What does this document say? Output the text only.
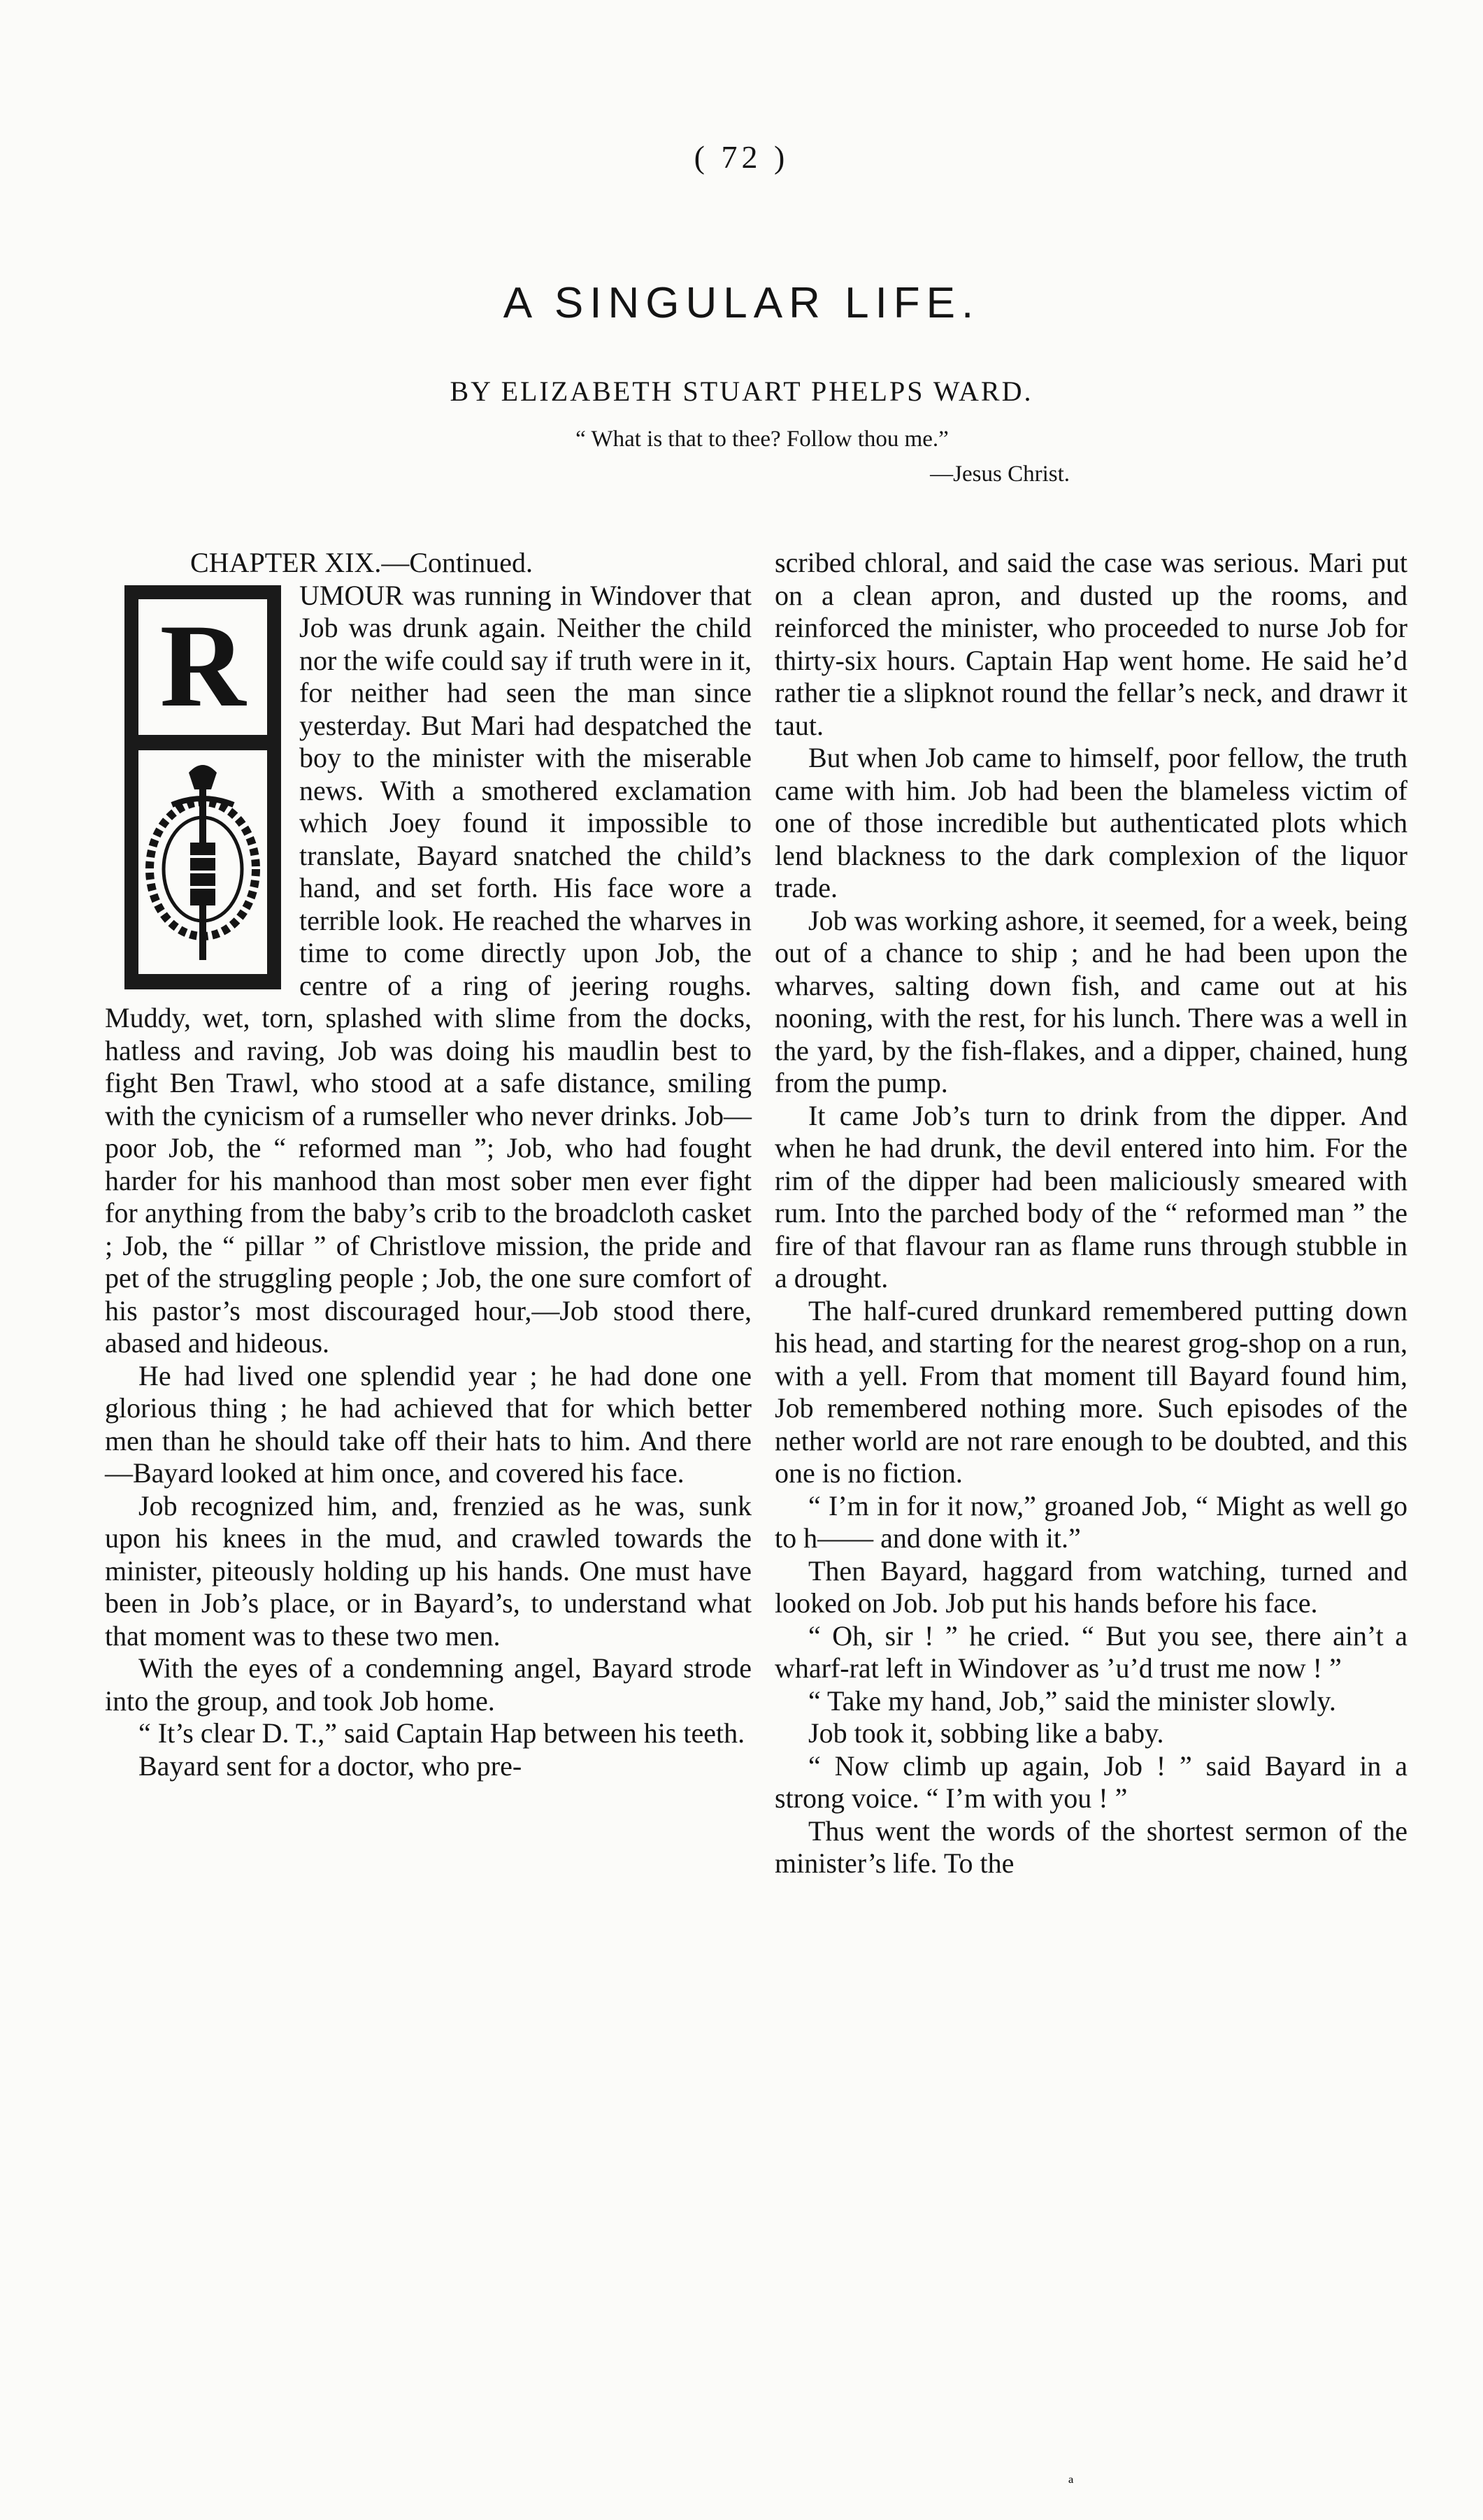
( 72 )
A SINGULAR LIFE.
BY ELIZABETH STUART PHELPS WARD.
“ What is that to thee? Follow thou me.”
—Jesus Christ.

CHAPTER XIX.—Continued.

R

UMOUR was running in Windover that Job was drunk again. Neither the child nor the wife could say if truth were in it, for neither had seen the man since yesterday. But Mari had despatched the boy to the minister with the miserable news. With a smothered exclamation which Joey found it impossible to translate, Bayard snatched the child’s hand, and set forth. His face wore a terrible look. He reached the wharves in time to come directly upon Job, the centre of a ring of jeering roughs. Muddy, wet, torn, splashed with slime from the docks, hatless and raving, Job was doing his maudlin best to fight Ben Trawl, who stood at a safe distance, smiling with the cynicism of a rumseller who never drinks. Job—poor Job, the “ reformed man ”; Job, who had fought harder for his manhood than most sober men ever fight for anything from the baby’s crib to the broadcloth casket ; Job, the “ pillar ” of Christlove mission, the pride and pet of the struggling people ; Job, the one sure comfort of his pastor’s most discouraged hour,—Job stood there, abased and hideous.

He had lived one splendid year ; he had done one glorious thing ; he had achieved that for which better men than he should take off their hats to him. And there—Bayard looked at him once, and covered his face.

Job recognized him, and, frenzied as he was, sunk upon his knees in the mud, and crawled towards the minister, piteously holding up his hands. One must have been in Job’s place, or in Bayard’s, to understand what that moment was to these two men.

With the eyes of a condemning angel, Bayard strode into the group, and took Job home.

“ It’s clear D. T.,” said Captain Hap between his teeth.

Bayard sent for a doctor, who pre-

scribed chloral, and said the case was serious. Mari put on a clean apron, and dusted up the rooms, and reinforced the minister, who proceeded to nurse Job for thirty-six hours. Captain Hap went home. He said he’d rather tie a slipknot round the fellar’s neck, and drawr it taut.

But when Job came to himself, poor fellow, the truth came with him. Job had been the blameless victim of one of those incredible but authenticated plots which lend blackness to the dark complexion of the liquor trade.

Job was working ashore, it seemed, for a week, being out of a chance to ship ; and he had been upon the wharves, salting down fish, and came out at his nooning, with the rest, for his lunch. There was a well in the yard, by the fish-flakes, and a dipper, chained, hung from the pump.

It came Job’s turn to drink from the dipper. And when he had drunk, the devil entered into him. For the rim of the dipper had been maliciously smeared with rum. Into the parched body of the “ reformed man ” the fire of that flavour ran as flame runs through stubble in a drought.

The half-cured drunkard remembered putting down his head, and starting for the nearest grog-shop on a run, with a yell. From that moment till Bayard found him, Job remembered nothing more. Such episodes of the nether world are not rare enough to be doubted, and this one is no fiction.

“ I’m in for it now,” groaned Job, “ Might as well go to h—— and done with it.”

Then Bayard, haggard from watching, turned and looked on Job. Job put his hands before his face.

“ Oh, sir ! ” he cried. “ But you see, there ain’t a wharf-rat left in Windover as ’u’d trust me now ! ”

“ Take my hand, Job,” said the minister slowly.

Job took it, sobbing like a baby.

“ Now climb up again, Job ! ” said Bayard in a strong voice. “ I’m with you ! ”

Thus went the words of the shortest sermon of the minister’s life. To the

ª
